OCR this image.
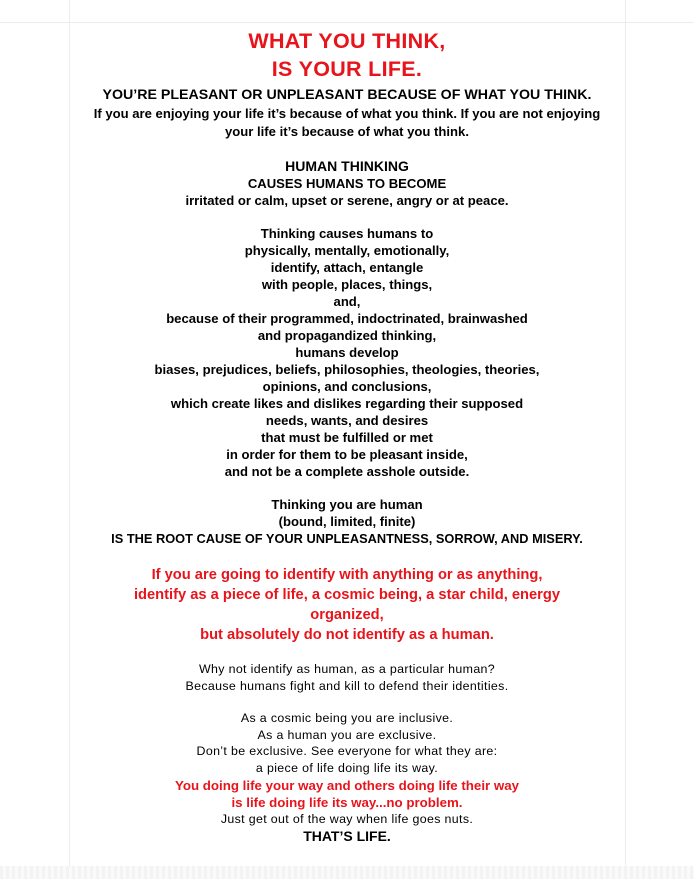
WHAT YOU THINK,
IS YOUR LIFE.
YOU’RE PLEASANT OR UNPLEASANT BECAUSE OF WHAT YOU THINK.
If you are enjoying your life it’s because of what you think. If you are not enjoying
your life it’s because of what you think.
HUMAN THINKING
CAUSES HUMANS TO BECOME
irritated or calm, upset or serene, angry or at peace.
Thinking causes humans to
physically, mentally, emotionally,
identify, attach, entangle
with people, places, things,
and,
because of their programmed, indoctrinated, brainwashed
and propagandized thinking,
humans develop
biases, prejudices, beliefs, philosophies, theologies, theories,
opinions, and conclusions,
which create likes and dislikes regarding their supposed
needs, wants, and desires
that must be fulfilled or met
in order for them to be pleasant inside,
and not be a complete asshole outside.
Thinking you are human
(bound, limited, finite)
IS THE ROOT CAUSE OF YOUR UNPLEASANTNESS, SORROW, AND MISERY.
If you are going to identify with anything or as anything,
identify as a piece of life, a cosmic being, a star child, energy
organized,
but absolutely do not identify as a human.
Why not identify as human, as a particular human?
Because humans fight and kill to defend their identities.
As a cosmic being you are inclusive.
As a human you are exclusive.
Don’t be exclusive. See everyone for what they are:
a piece of life doing life its way.
You doing life your way and others doing life their way
is life doing life its way...no problem.
Just get out of the way when life goes nuts.
THAT’S LIFE.
